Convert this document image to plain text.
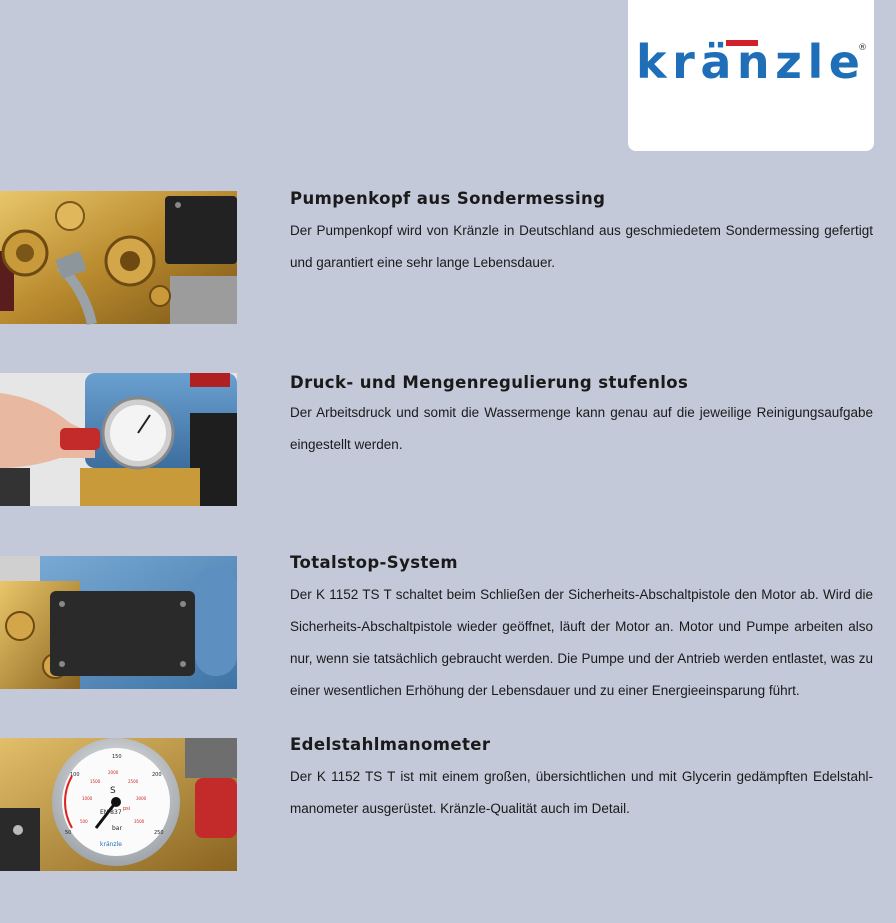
kränzle ®
Pumpenkopf aus Sondermessing

Der Pumpenkopf wird von Kränzle in Deutschland aus geschmiedetem Sondermessing gefertigt und garantiert eine sehr lange Lebensdauer.

Druck- und Mengenregulierung stufenlos

Der Arbeitsdruck und somit die Wassermenge kann genau auf die jeweilige Reinigungsaufgabe eingestellt werden.

Totalstop-System

Der K 1152 TS T schaltet beim Schließen der Sicherheits-Abschaltpistole den Motor ab. Wird die Sicherheits-Abschaltpistole wieder geöffnet, läuft der Motor an. Motor und Pumpe arbeiten also nur, wenn sie tatsächlich gebraucht werden. Die Pumpe und der Antrieb werden entlastet, was zu einer wesentlichen Erhöhung der Lebensdauer und zu einer Energieeinsparung führt.

S
EN 837
bar
psi
kränzle
50
100
150
200
250
500
1000
1500
2000
2500
3000
3500
Edelstahlmanometer

Der K 1152 TS T ist mit einem großen, übersichtlichen und mit Glycerin gedämpften Edelstahl-manometer ausgerüstet. Kränzle-Qualität auch im Detail.
